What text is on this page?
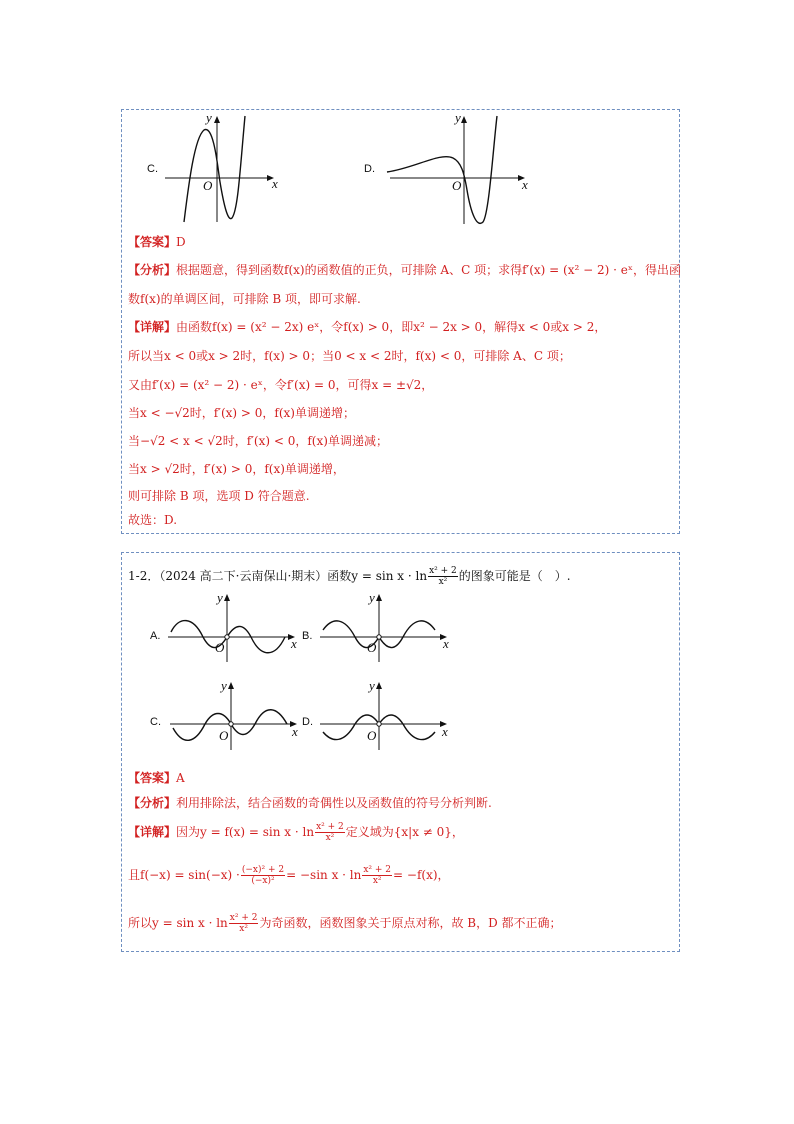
C.
x
y
O
D.
x
y
O
【答案】D
【分析】根据题意，得到函数f(x)的函数值的正负，可排除 A、C 项；求得f′(x) = (x² − 2) · eˣ，得出函
数f(x)的单调区间，可排除 B 项，即可求解.
【详解】由函数f(x) = (x² − 2x) eˣ，令f(x) > 0，即x² − 2x > 0，解得x < 0或x > 2，
所以当x < 0或x > 2时，f(x) > 0；当0 < x < 2时，f(x) < 0，可排除 A、C 项；
又由f′(x) = (x² − 2) · eˣ，令f′(x) = 0，可得x = ±√2，
当x < −√2时，f′(x) > 0，f(x)单调递增；
当−√2 < x < √2时，f′(x) < 0，f(x)单调递减；
当x > √2时，f′(x) > 0，f(x)单调递增，
则可排除 B 项，选项 D 符合题意.
故选：D.
1-2．（2024 高二下·云南保山·期末）函数$y = \sin x \cdot \ln \frac{\text{x² + 2}}{\text{x²}}$ 的图象可能是（　）.
A.	x
y
O
B.	x
y
O
C.
x
y
O
D.
x
y
O
【答案】A
【分析】利用排除法，结合函数的奇偶性以及函数值的符号分析判断.
【详解】因为$y = f(x) = \sin x \cdot \ln \frac{\text{x² + 2}}{\text{x²}}$ 定义域为{x|x ≠ 0}，
且$f(-x) = \sin(-x) \cdot \frac{\text{(−x)² + 2}}{\text{(−x)²}} = -\sin$ $x \cdot \ln \frac{\text{x² + 2}}{\text{x²}} = -f(x)$，
所以$y = \sin x \cdot \ln \frac{\text{x² + 2}}{\text{x²}}$ 为奇函数，函数图象关于原点对称，故 B，D 都不正确；
